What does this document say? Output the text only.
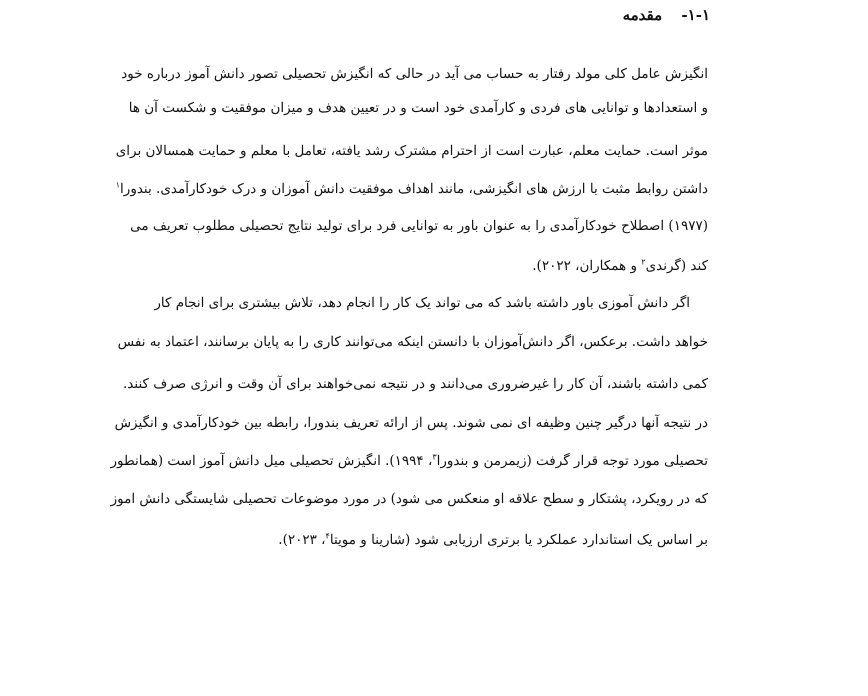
۱-۱- مقدمه
انگیزش عامل کلی مولد رفتار به حساب می آید در حالی که انگیزش تحصیلی تصور دانش آموز درباره خود
و استعدادها و توانایی های فردی و کارآمدی خود است و در تعیین هدف و میزان موفقیت و شکست آن ها
موثر است. حمایت معلم، عبارت است از احترام مشترک رشد یافته، تعامل با معلم و حمایت همسالان برای
داشتن روابط مثبت با ارزش های انگیزشی، مانند اهداف موفقیت دانش آموزان و درک خودکارآمدی. بندورا$^۱$
(۱۹۷۷) اصطلاح خودکارآمدی را به عنوان باور به توانایی فرد برای تولید نتایج تحصیلی مطلوب تعریف می
کند (گرندی$^۲$ و همکاران، ۲۰۲۲).
اگر دانش آموزی باور داشته باشد که می تواند یک کار را انجام دهد، تلاش بیشتری برای انجام کار
خواهد داشت. برعکس، اگر دانش‌آموزان با دانستن اینکه می‌توانند کاری را به پایان برسانند، اعتماد به نفس
کمی داشته باشند، آن کار را غیرضروری می‌دانند و در نتیجه نمی‌خواهند برای آن وقت و انرژی صرف کنند.
در نتیجه آنها درگیر چنین وظیفه ای نمی شوند. پس از ارائه تعریف بندورا، رابطه بین خودکارآمدی و انگیزش
تحصیلی مورد توجه قرار گرفت (زیمرمن و بندورا$^۳$، ۱۹۹۴). انگیزش تحصیلی میل دانش آموز است (همانطور
که در رویکرد، پشتکار و سطح علاقه او منعکس می شود) در مورد موضوعات تحصیلی شایستگی دانش اموز
بر اساس یک استاندارد عملکرد یا برتری ارزیابی شود (شارینا و مویتا$^۴$، ۲۰۲۳).
